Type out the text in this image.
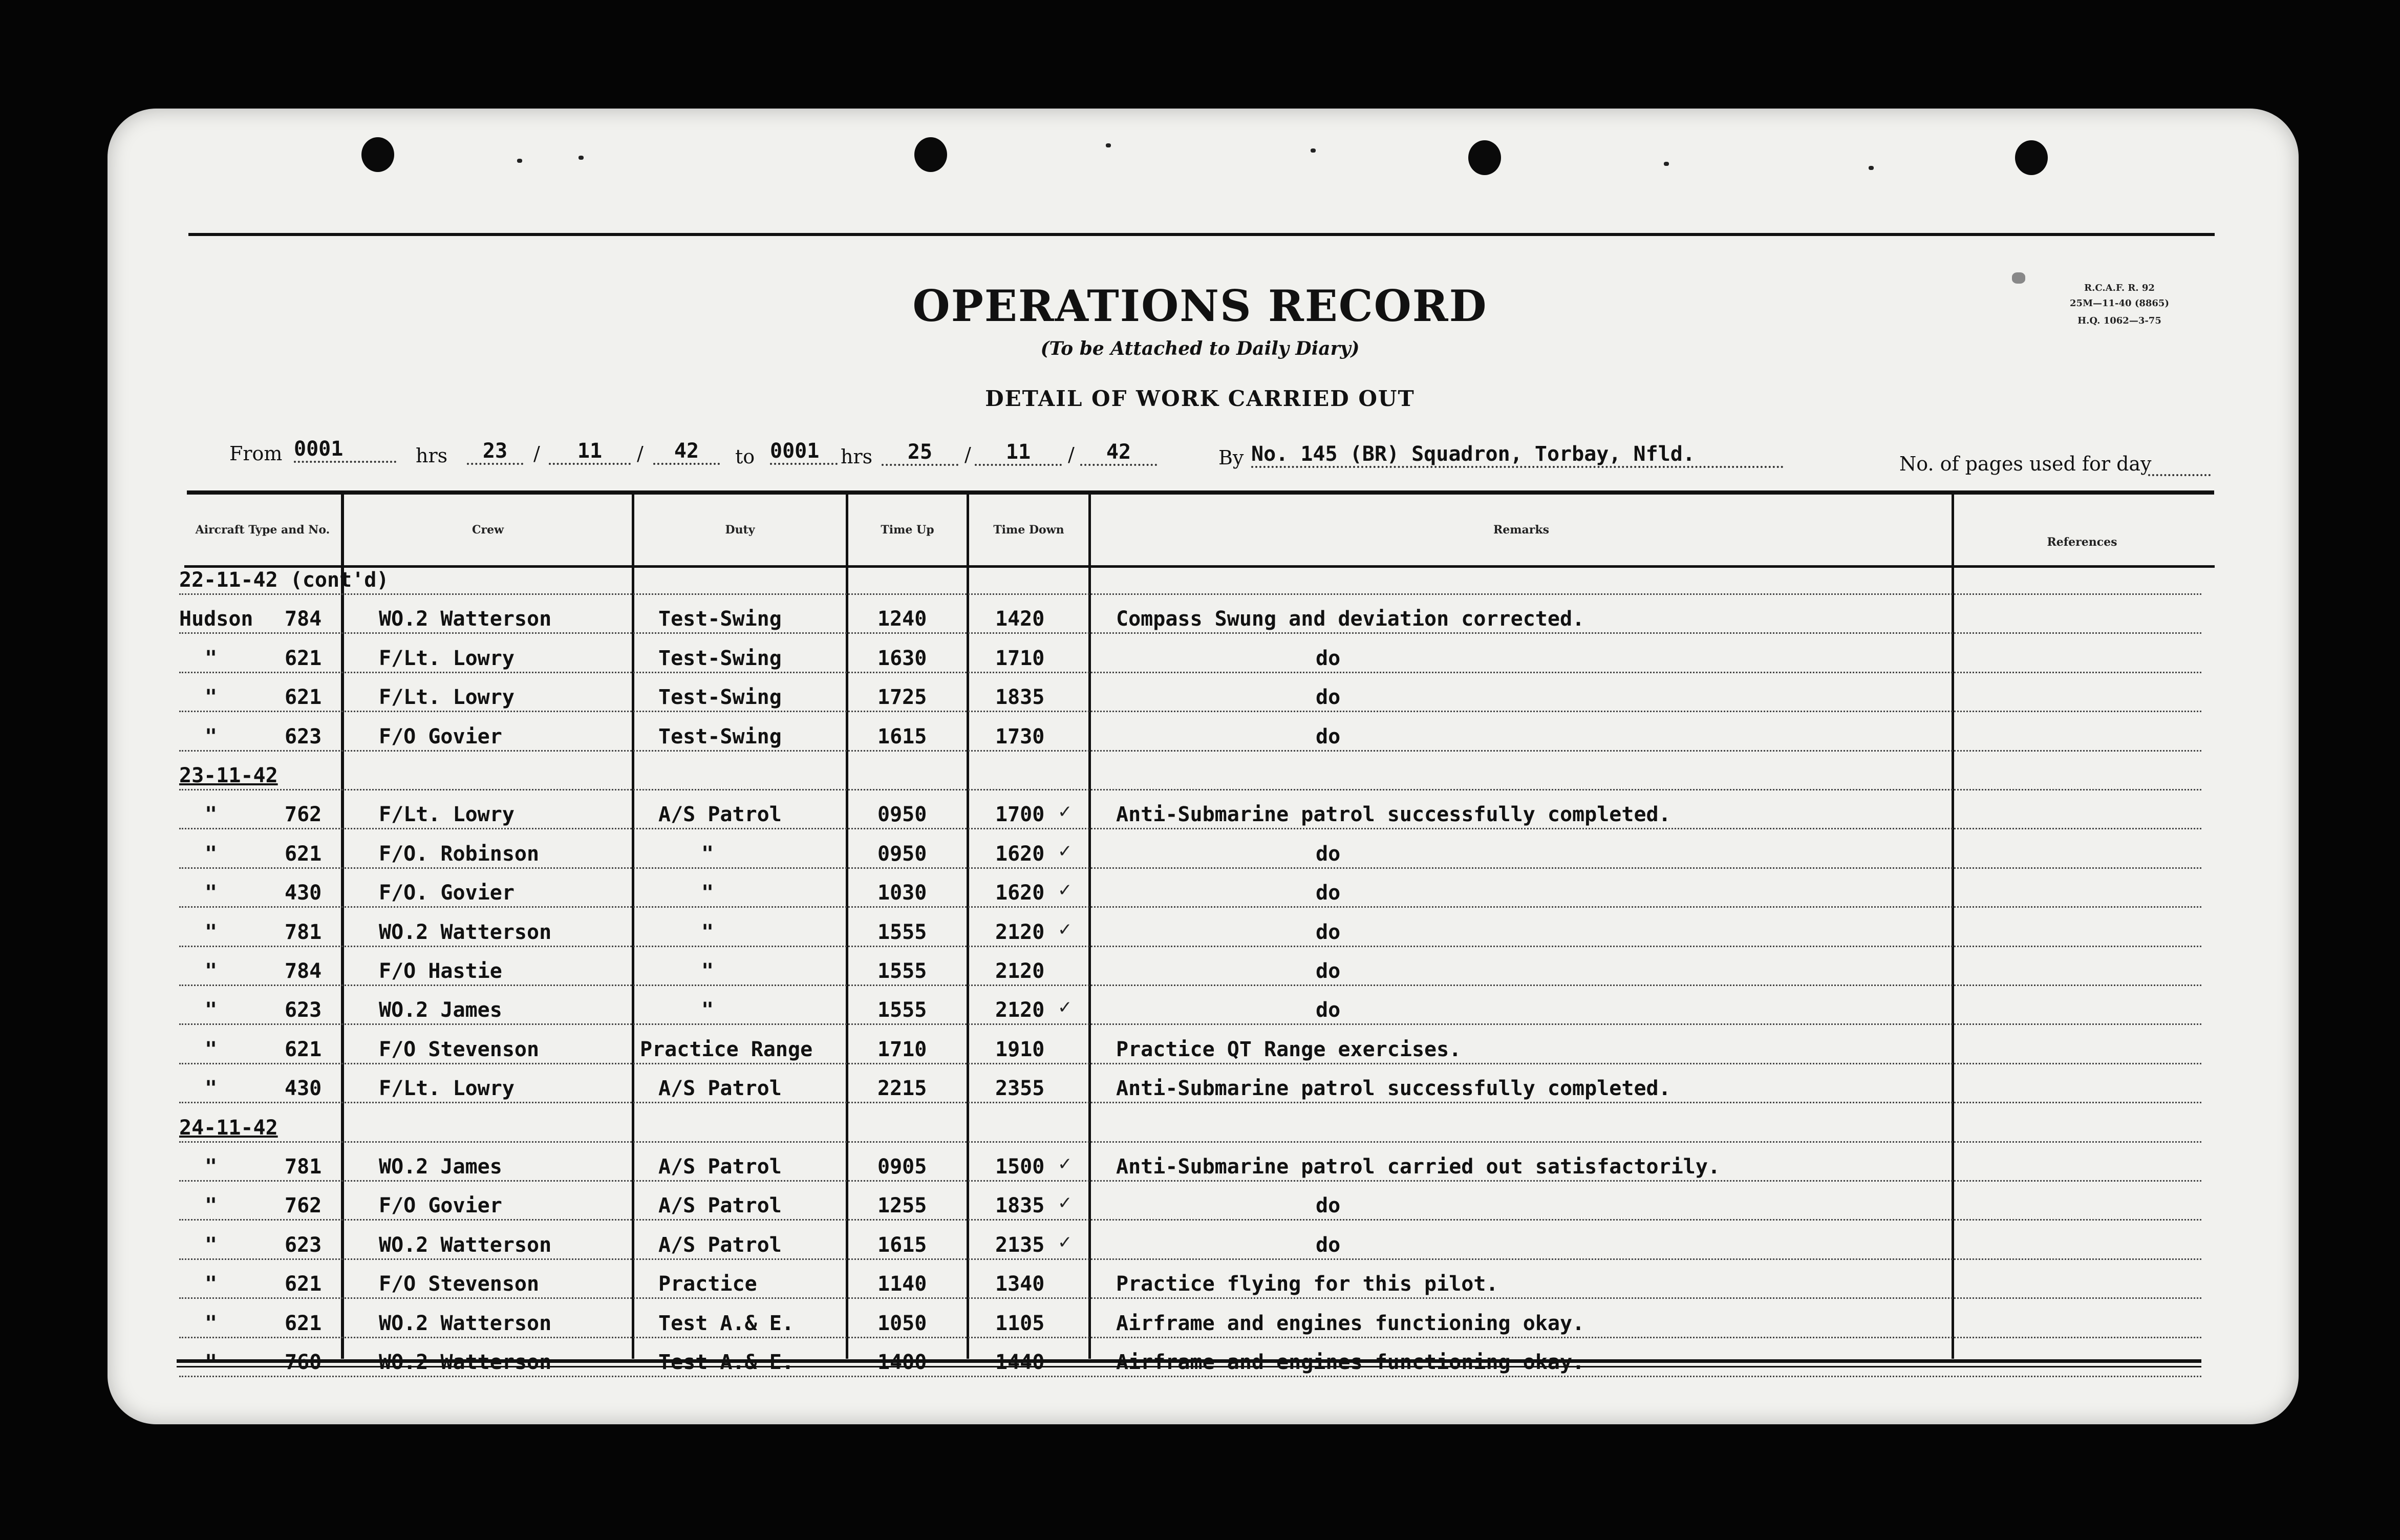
OPERATIONS RECORD
(To be Attached to Daily Diary)
DETAIL OF WORK CARRIED OUT
R.C.A.F. R. 92
25M—11-40 (8865)
H.Q. 1062—3-75
From 0001	hrs	23	/	11	/	42	to 0001	hrs	25	/	11	/	42	By No. 145 (BR) Squadron, Torbay, Nfld.	No. of pages used for day
Aircraft Type and No.	Crew	Duty	Time Up	Time Down	Remarks
References
22-11-42 (cont'd)
Hudson 784	WO.2 Watterson	Test-Swing	1240	1420	Compass Swung and deviation corrected.
"	621	F/Lt. Lowry	Test-Swing	1630	1710	do
"	621	F/Lt. Lowry	Test-Swing	1725	1835	do
"	623	F/O Govier	Test-Swing	1615	1730	do
23-11-42
"	762	F/Lt. Lowry	A/S Patrol	0950	1700 ✓ Anti-Submarine patrol successfully completed.
"	621	F/O. Robinson	"	0950	1620 ✓	do
"	430	F/O. Govier	"	1030	1620 ✓	do
"	781	WO.2 Watterson	"	1555	2120 ✓	do
"	784	F/O Hastie	"	1555	2120	do
"	623	WO.2 James	"	1555	2120 ✓	do
"	621	F/O Stevenson	Practice Range	1710	1910	Practice QT Range exercises.
"	430	F/Lt. Lowry	A/S Patrol	2215	2355	Anti-Submarine patrol successfully completed.
24-11-42
"	781	WO.2 James	A/S Patrol	0905	1500 ✓ Anti-Submarine patrol carried out satisfactorily.
"	762	F/O Govier	A/S Patrol	1255	1835 ✓	do
"	623	WO.2 Watterson	A/S Patrol	1615	2135 ✓	do
"	621	F/O Stevenson	Practice	1140	1340	Practice flying for this pilot.
"	621	WO.2 Watterson	Test A.& E.	1050	1105	Airframe and engines functioning okay.
"	760	WO.2 Watterson	Test A.& E.	1400	1440	Airframe and engines functioning okay.
